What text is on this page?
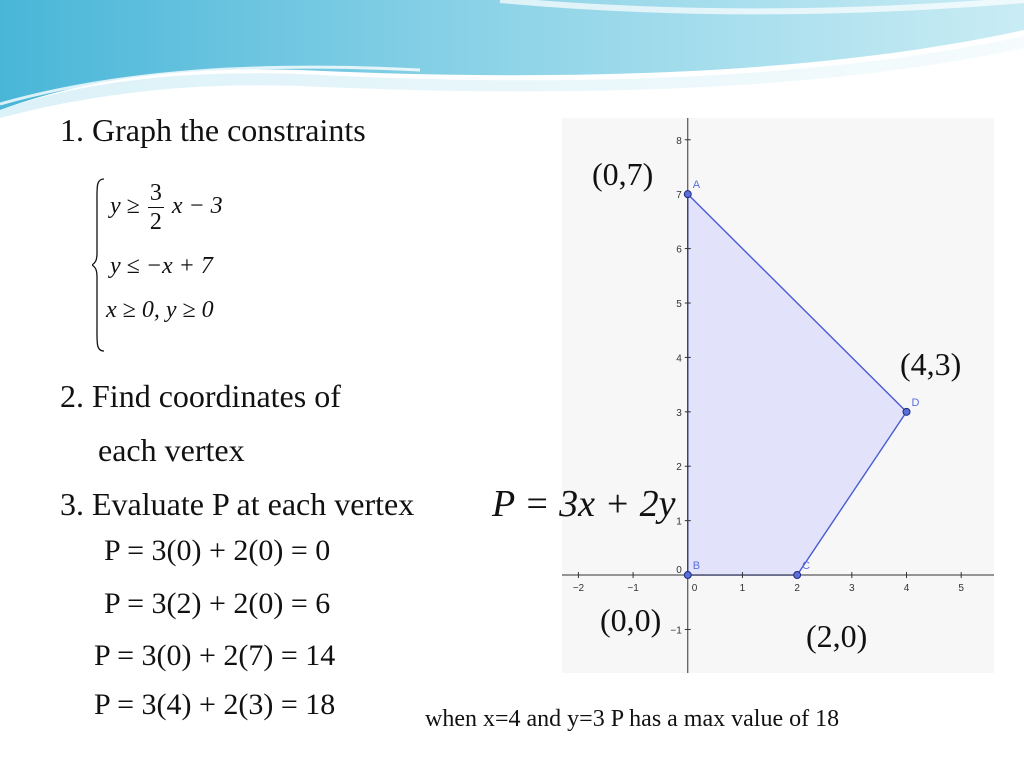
1. Graph the constraints
$y \ge \frac{3}{2}$ x − 3
y ≤ −x + 7
x ≥ 0, y ≥ 0
2. Find coordinates of
each vertex
3. Evaluate P at each vertex
P = 3(0) + 2(0) = 0
P = 3(2) + 2(0) = 6
P = 3(0) + 2(7) = 14
P = 3(4) + 2(3) = 18
−2	−1	0	1	2	3	4	5
−1
1
2
3
4
5
6
7
8
0
A
D
C
B
P = 3x + 2y
(0,7)
(4,3)
(0,0)	(2,0)
when x=4 and y=3 P has a max value of 18
